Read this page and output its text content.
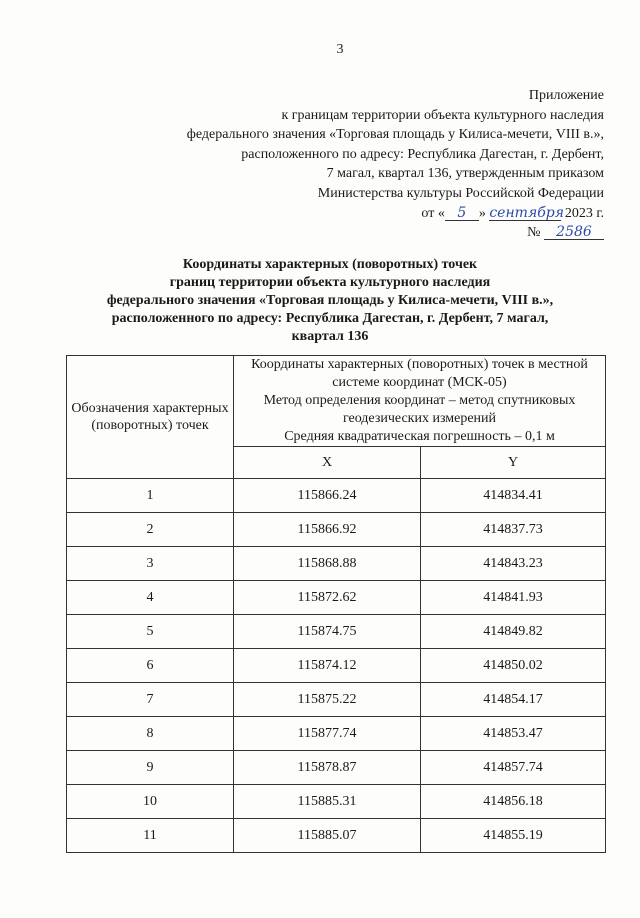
3
Приложение
к границам территории объекта культурного наследия
федерального значения «Торговая площадь у Килиса-мечети, VIII в.»,
расположенного по адресу: Республика Дагестан, г. Дербент,
7 магал, квартал 136, утвержденным приказом
Министерства культуры Российской Федерации
от « 5 » сентября 2023 г.
№ 2586
Координаты характерных (поворотных) точек
границ территории объекта культурного наследия
федерального значения «Торговая площадь у Килиса-мечети, VIII в.»,
расположенного по адресу: Республика Дагестан, г. Дербент, 7 магал,
квартал 136
Обозначения характерных (поворотных) точек	Координаты характерных (поворотных) точек в местной системе координат (МСК-05)
Метод определения координат – метод спутниковых геодезических измерений
Средняя квадратическая погрешность – 0,1 м	

	X	Y
1	115866.24	414834.41
2	115866.92	414837.73
3	115868.88	414843.23
4	115872.62	414841.93
5	115874.75	414849.82
6	115874.12	414850.02
7	115875.22	414854.17
8	115877.74	414853.47
9	115878.87	414857.74
10	115885.31	414856.18
11	115885.07	414855.19
